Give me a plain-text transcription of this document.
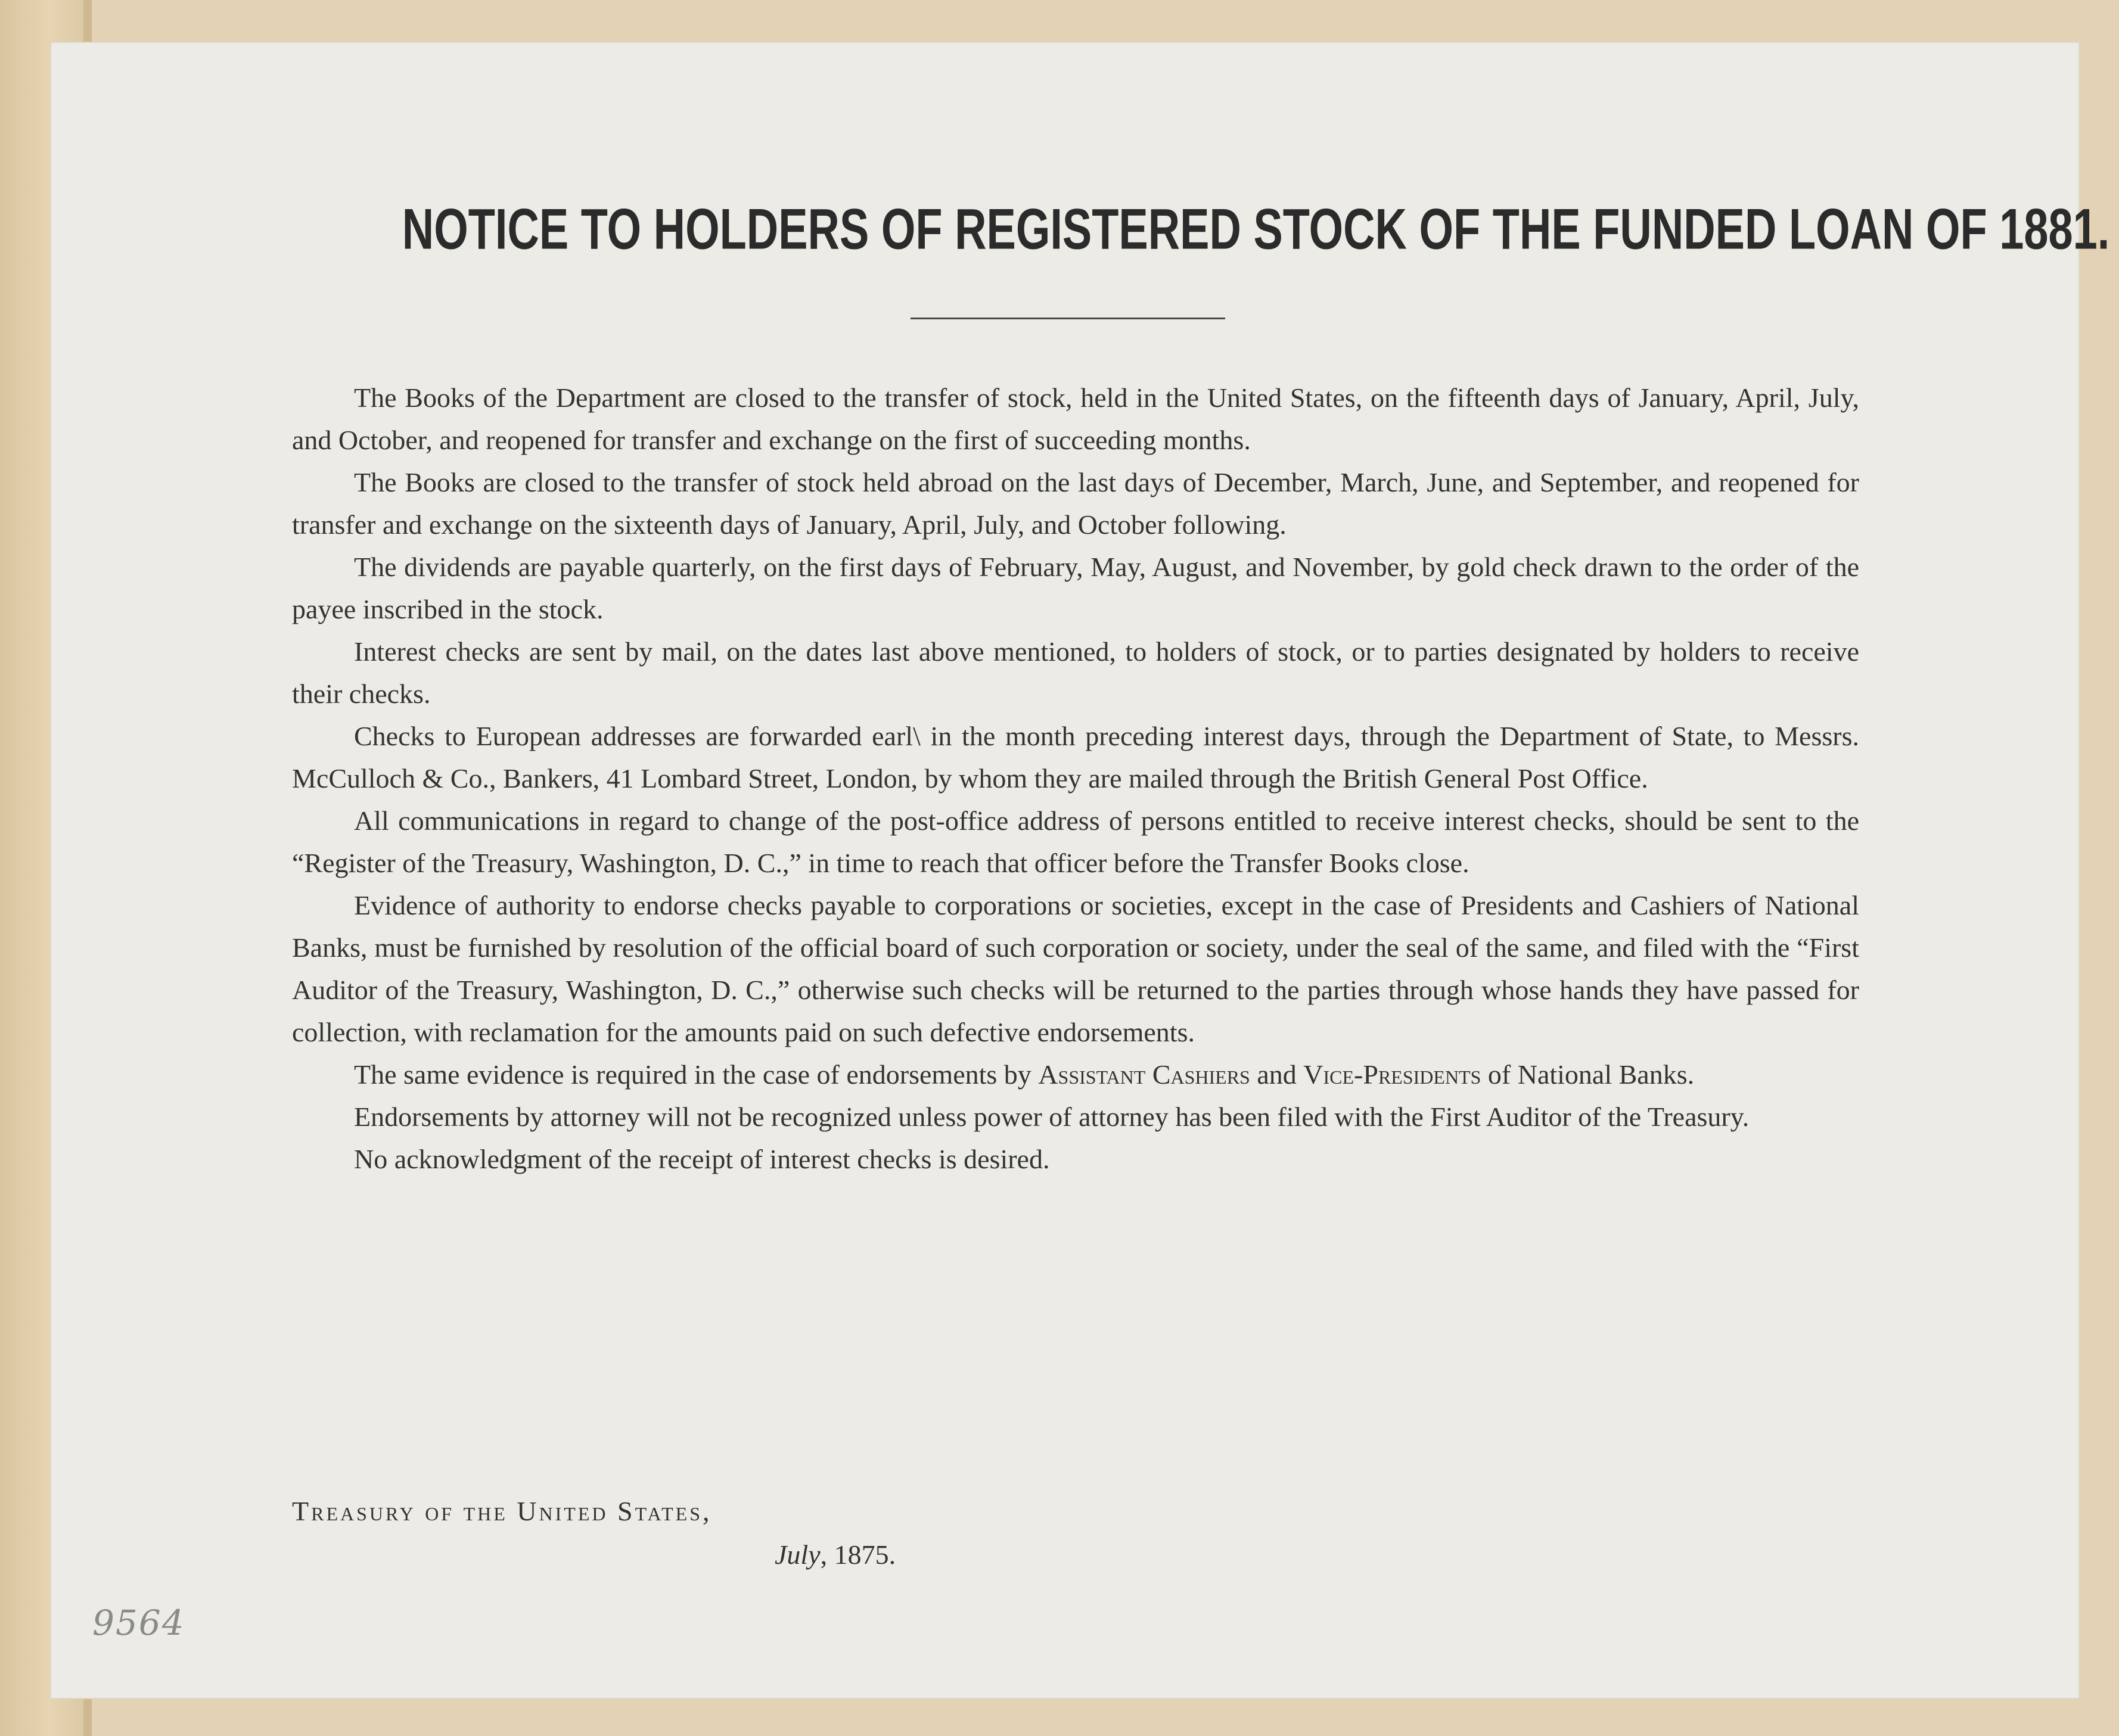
NOTICE TO HOLDERS OF REGISTERED STOCK OF THE FUNDED LOAN OF 1881.

The Books of the Department are closed to the transfer of stock, held in the United States, on the fifteenth days of January, April, July, and October, and reopened for transfer and exchange on the first of succeeding months.

The Books are closed to the transfer of stock held abroad on the last days of December, March, June, and September, and reopened for transfer and exchange on the sixteenth days of January, April, July, and October following.

The dividends are payable quarterly, on the first days of February, May, August, and November, by gold check drawn to the order of the payee inscribed in the stock.

Interest checks are sent by mail, on the dates last above mentioned, to holders of stock, or to parties designated by holders to receive their checks.

Checks to European addresses are forwarded earl\ in the month preceding interest days, through the Department of State, to Messrs. McCulloch & Co., Bankers, 41 Lombard Street, London, by whom they are mailed through the British General Post Office.

All communications in regard to change of the post-office address of persons entitled to receive interest checks, should be sent to the “Register of the Treasury, Washington, D. C.,” in time to reach that officer before the Transfer Books close.

Evidence of authority to endorse checks payable to corporations or societies, except in the case of Presidents and Cashiers of National Banks, must be furnished by resolution of the official board of such corporation or society, under the seal of the same, and filed with the “First Auditor of the Treasury, Washington, D. C.,” otherwise such checks will be returned to the parties through whose hands they have passed for collection, with reclamation for the amounts paid on such defective endorsements.

The same evidence is required in the case of endorsements by Assistant Cashiers and Vice-Presidents of National Banks.

Endorsements by attorney will not be recognized unless power of attorney has been filed with the First Auditor of the Treasury.

No acknowledgment of the receipt of interest checks is desired.

Treasury of the United States,
July, 1875.
9564
